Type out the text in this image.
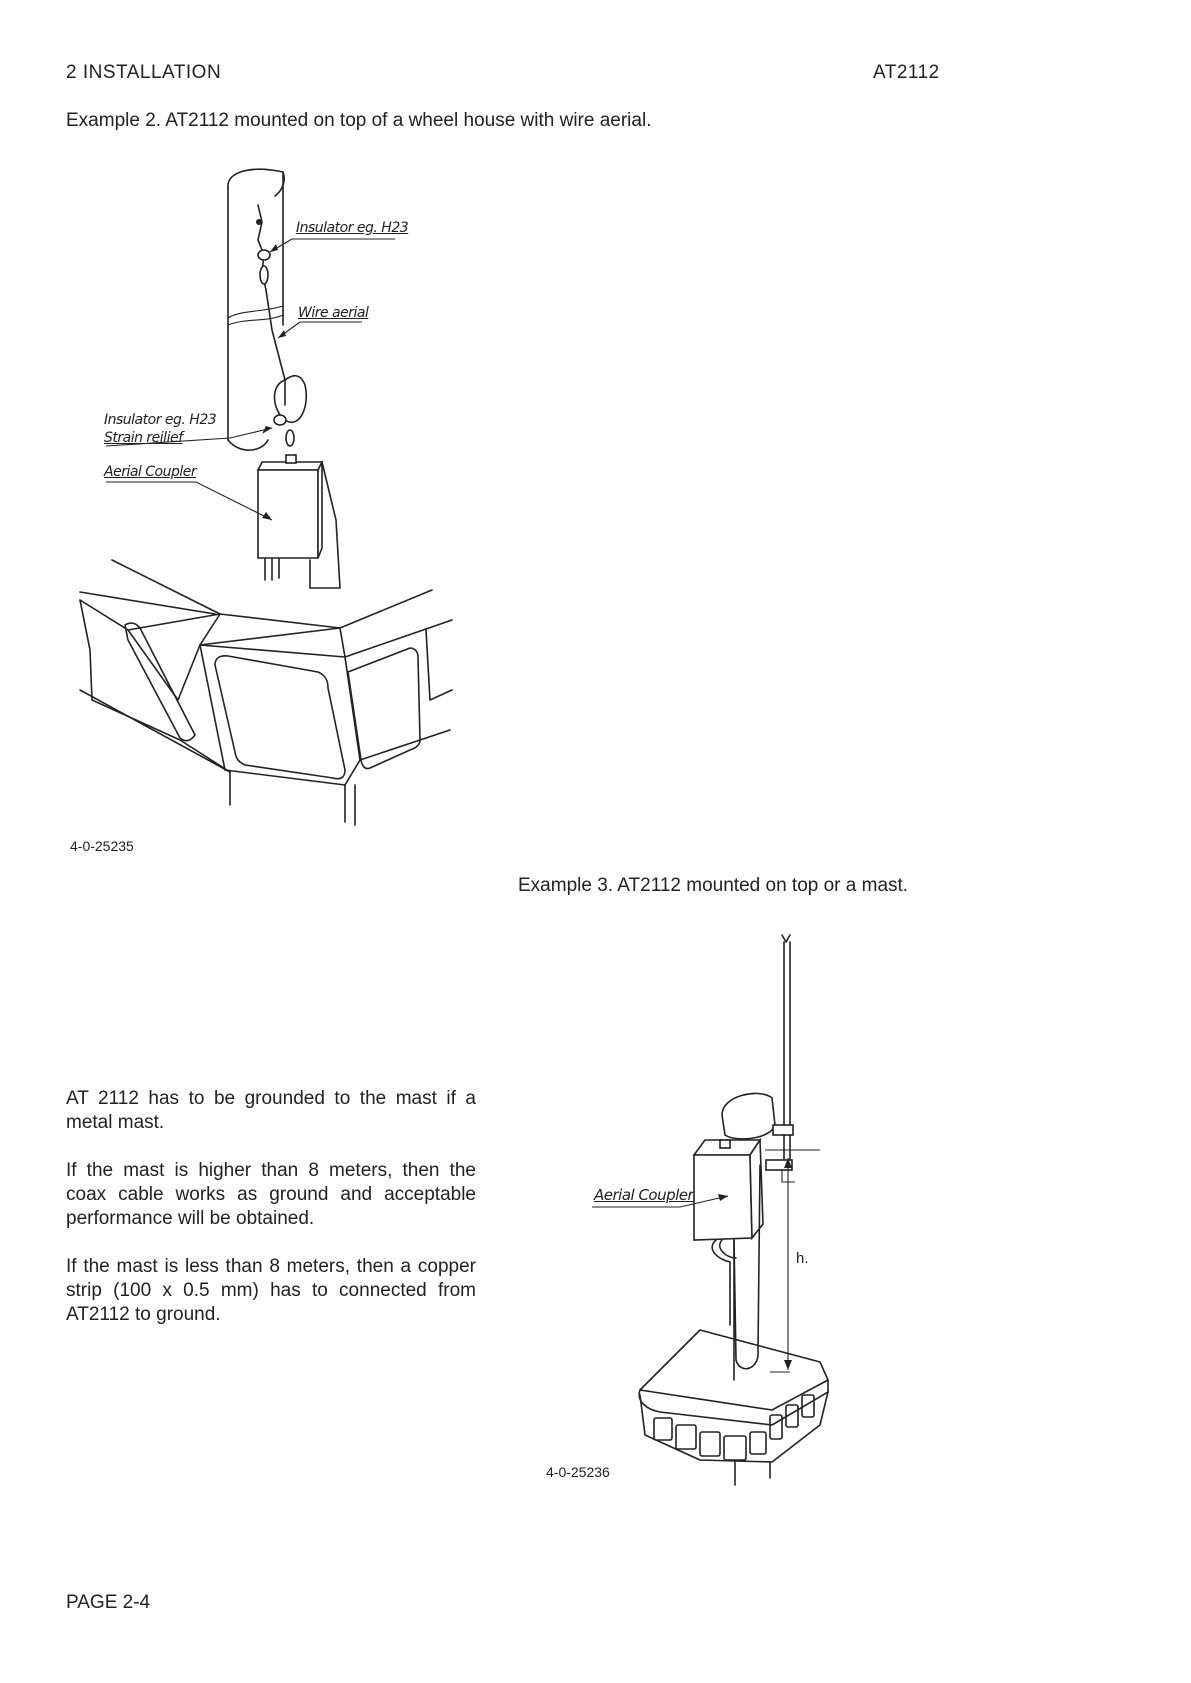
2 INSTALLATION	AT2112
Example 2. AT2112 mounted on top of a wheel house with wire aerial.
Insulator eg. H23
Wire aerial
Insulator eg. H23
Strain reilief
Aerial Coupler
4-0-25235
Example 3. AT2112 mounted on top or a mast.

AT 2112 has to be grounded to the mast if a metal mast.

If the mast is higher than 8 meters, then the coax cable works as ground and acceptable performance will be obtained.

If the mast is less than 8 meters, then a copper strip (100 x 0.5 mm) has to connected from AT2112 to ground.

Aerial Coupler
h.
4-0-25236
PAGE 2-4
